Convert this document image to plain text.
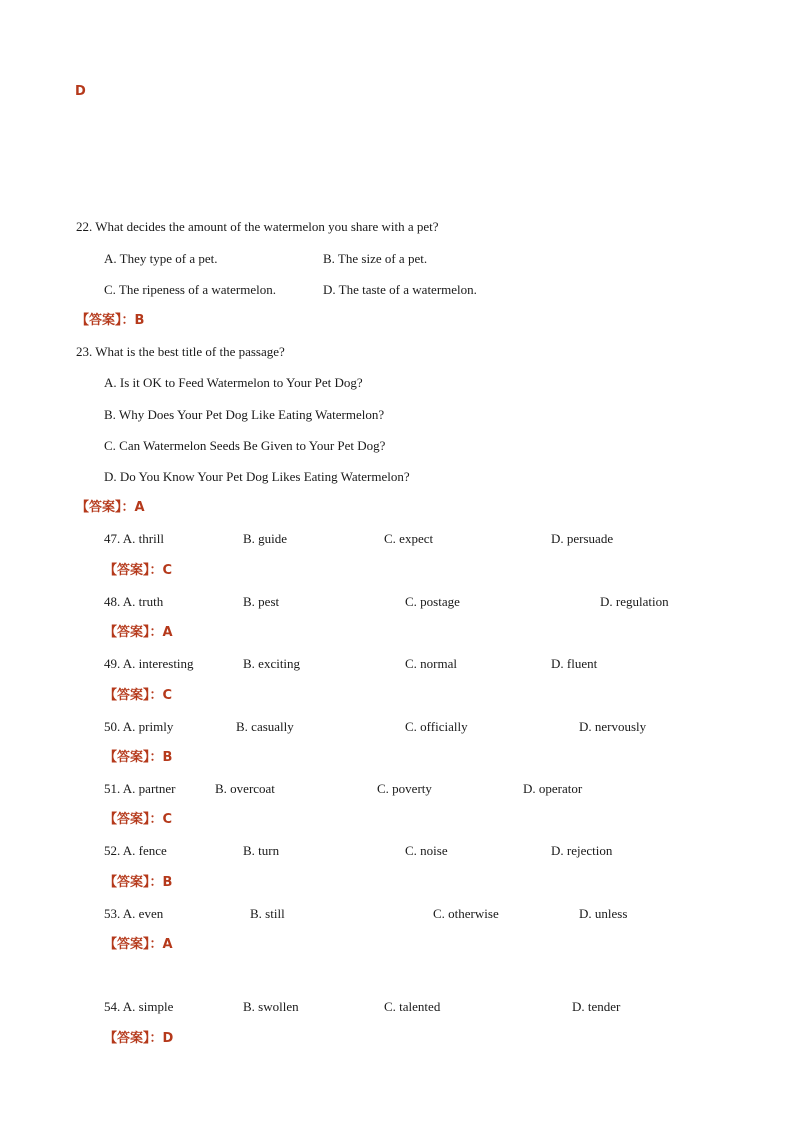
D
22. What decides the amount of the watermelon you share with a pet?
A. They type of a pet.	B. The size of a pet.
C. The ripeness of a watermelon.	D. The taste of a watermelon.
【答案】：B
23. What is the best title of the passage?
A. Is it OK to Feed Watermelon to Your Pet Dog?
B. Why Does Your Pet Dog Like Eating Watermelon?
C. Can Watermelon Seeds Be Given to Your Pet Dog?
D. Do You Know Your Pet Dog Likes Eating Watermelon?
【答案】：A
47. A. thrill	B. guide	C. expect	D. persuade
【答案】：C
48. A. truth	B. pest	C. postage	D. regulation
【答案】：A
49. A. interesting	B. exciting	C. normal	D. fluent
【答案】：C
50. A. primly	B. casually	C. officially	D. nervously
【答案】：B
51. A. partner	B. overcoat	C. poverty	D. operator
【答案】：C
52. A. fence	B. turn	C. noise	D. rejection
【答案】：B
53. A. even	B. still	C. otherwise	D. unless
【答案】：A
54. A. simple	B. swollen	C. talented	D. tender
【答案】：D
